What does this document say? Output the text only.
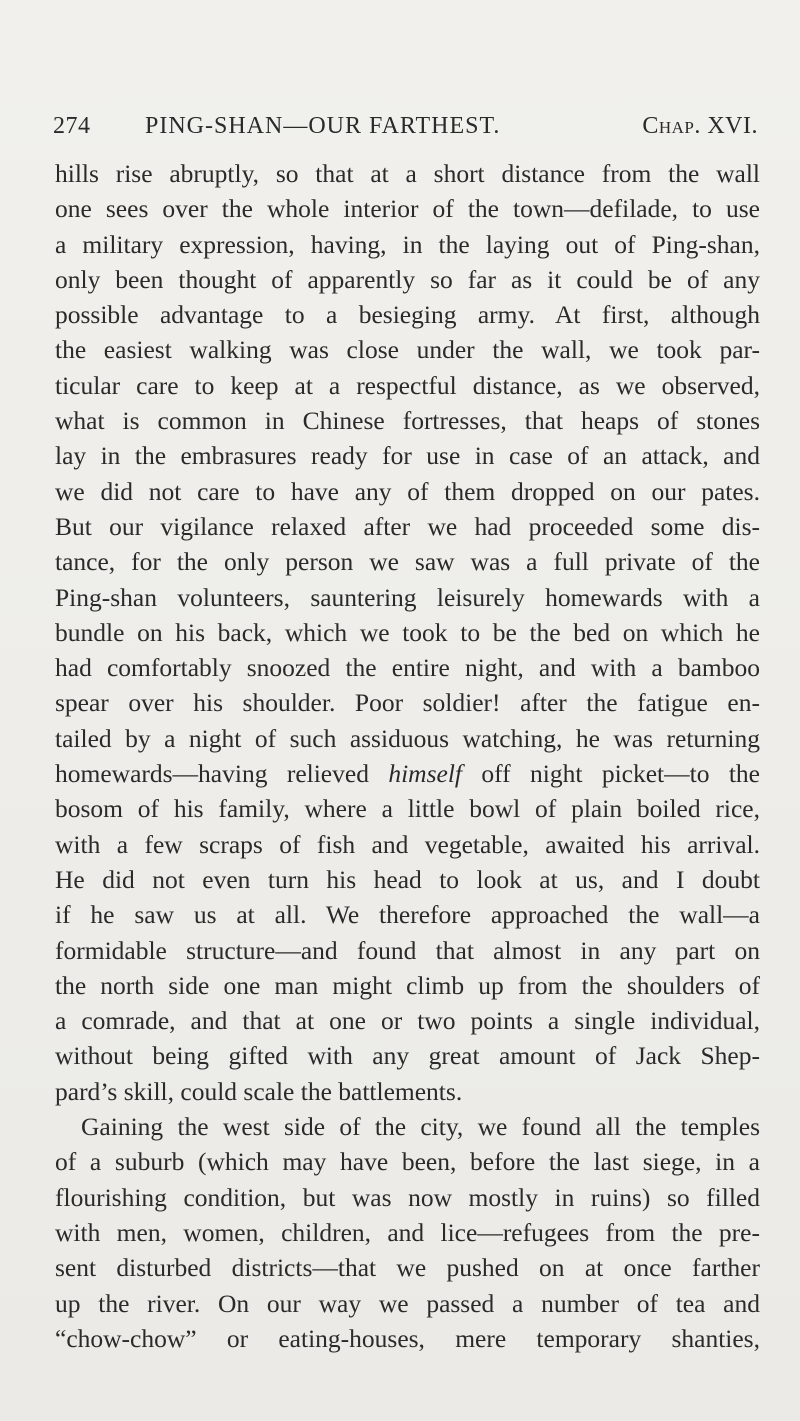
274 PING-SHAN—OUR FARTHEST.	Chap. XVI.
hills rise abruptly, so that at a short distance from the wall
one sees over the whole interior of the town—defilade, to use
a military expression, having, in the laying out of Ping-shan,
only been thought of apparently so far as it could be of any
possible advantage to a besieging army. At first, although
the easiest walking was close under the wall, we took par-
ticular care to keep at a respectful distance, as we observed,
what is common in Chinese fortresses, that heaps of stones
lay in the embrasures ready for use in case of an attack, and
we did not care to have any of them dropped on our pates.
But our vigilance relaxed after we had proceeded some dis-
tance, for the only person we saw was a full private of the
Ping-shan volunteers, sauntering leisurely homewards with a
bundle on his back, which we took to be the bed on which he
had comfortably snoozed the entire night, and with a bamboo
spear over his shoulder. Poor soldier! after the fatigue en-
tailed by a night of such assiduous watching, he was returning
homewards—having relieved himself off night picket—to the
bosom of his family, where a little bowl of plain boiled rice,
with a few scraps of fish and vegetable, awaited his arrival.
He did not even turn his head to look at us, and I doubt
if he saw us at all. We therefore approached the wall—a
formidable structure—and found that almost in any part on
the north side one man might climb up from the shoulders of
a comrade, and that at one or two points a single individual,
without being gifted with any great amount of Jack Shep-
pard’s skill, could scale the battlements.
Gaining the west side of the city, we found all the temples
of a suburb (which may have been, before the last siege, in a
flourishing condition, but was now mostly in ruins) so filled
with men, women, children, and lice—refugees from the pre-
sent disturbed districts—that we pushed on at once farther
up the river. On our way we passed a number of tea and
“chow-chow” or eating-houses, mere temporary shanties,
